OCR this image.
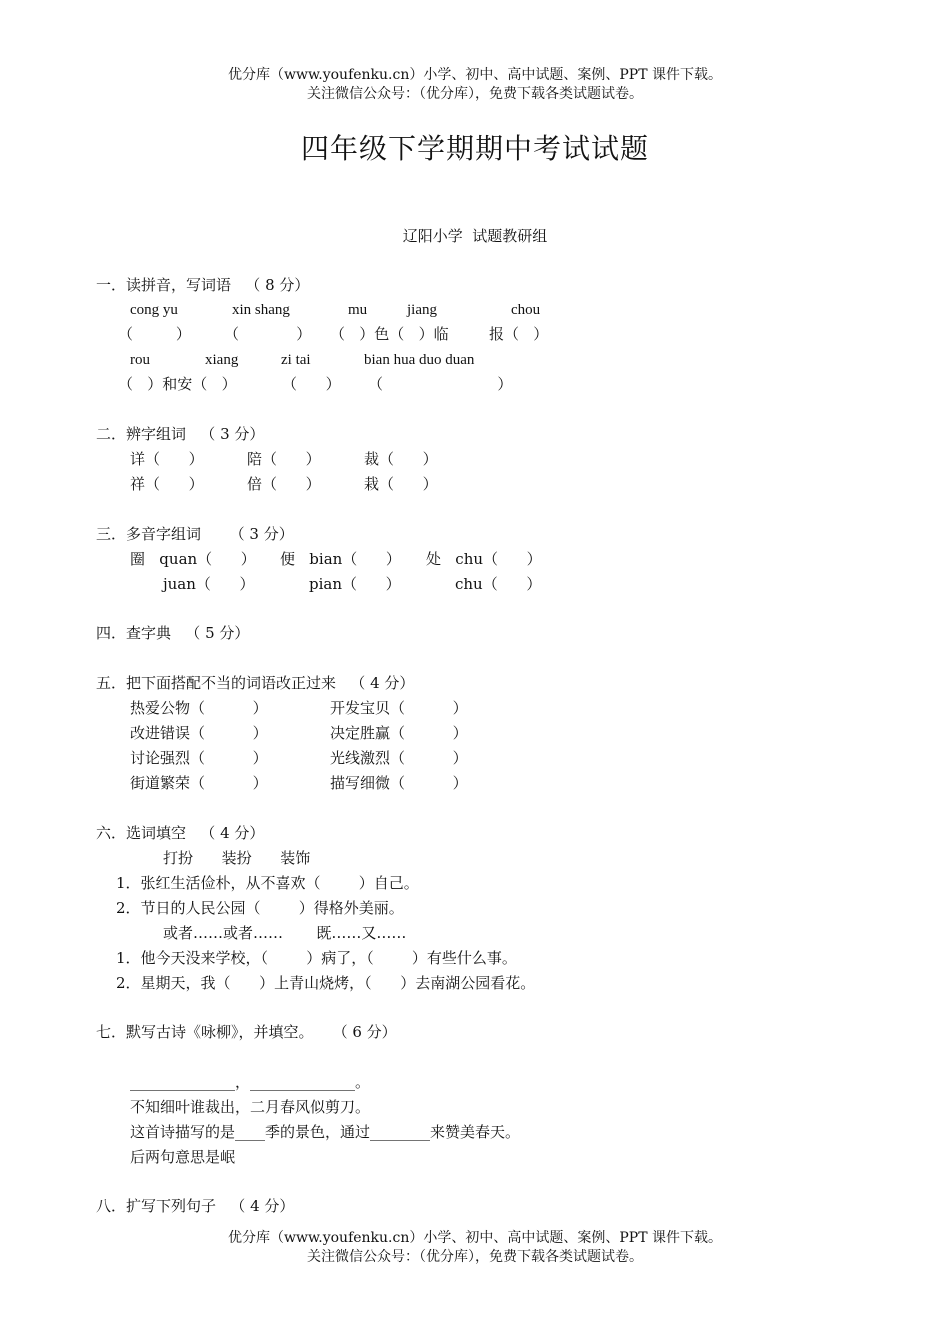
优分库（www.youfenku.cn）小学、初中、高中试题、案例、PPT 课件下载。
关注微信公众号：（优分库），免费下载各类试题试卷。
四年级下学期期中考试试题
辽阳小学  试题教研组
一．读拼音，写词语   （ 8 分）
cong yu	xin shang	mu	jiang	chou
（         ） （            ） （   ）色（   ）临	报（   ）
rou	xiang	zi tai	bian hua duo duan
（   ）和安（   ）	（      ） （                        ）
二．辨字组词   （ 3 分）
详（      ）	陪（      ）	裁（      ）
祥（      ）	倍（      ）	栽（      ）
三．多音字组词      （ 3 分）
圈   quan（      ） 便   bian（      ） 处   chu（      ）
juan（      ）	pian（      ）	chu（      ）
四．查字典   （ 5 分）
五．把下面搭配不当的词语改正过来   （ 4 分）
热爱公物（          ）	开发宝贝（          ）
改进错误（          ）	决定胜赢（          ）
讨论强烈（          ）	光线激烈（          ）
街道繁荣（          ）	描写细微（          ）
六．选词填空   （ 4 分）
打扮      装扮      装饰
1．张红生活俭朴，从不喜欢（        ）自己。
2．节日的人民公园（        ）得格外美丽。
或者……或者……       既……又……
1．他今天没来学校，（        ）病了，（        ）有些什么事。
2．星期天，我（      ）上青山烧烤，（      ）去南湖公园看花。
七．默写古诗《咏柳》，并填空。    （ 6 分）
______________，______________。
不知细叶谁裁出，二月春风似剪刀。
这首诗描写的是____季的景色，通过________来赞美春天。
后两句意思是岷
八．扩写下列句子   （ 4 分）
优分库（www.youfenku.cn）小学、初中、高中试题、案例、PPT 课件下载。
关注微信公众号：（优分库），免费下载各类试题试卷。
